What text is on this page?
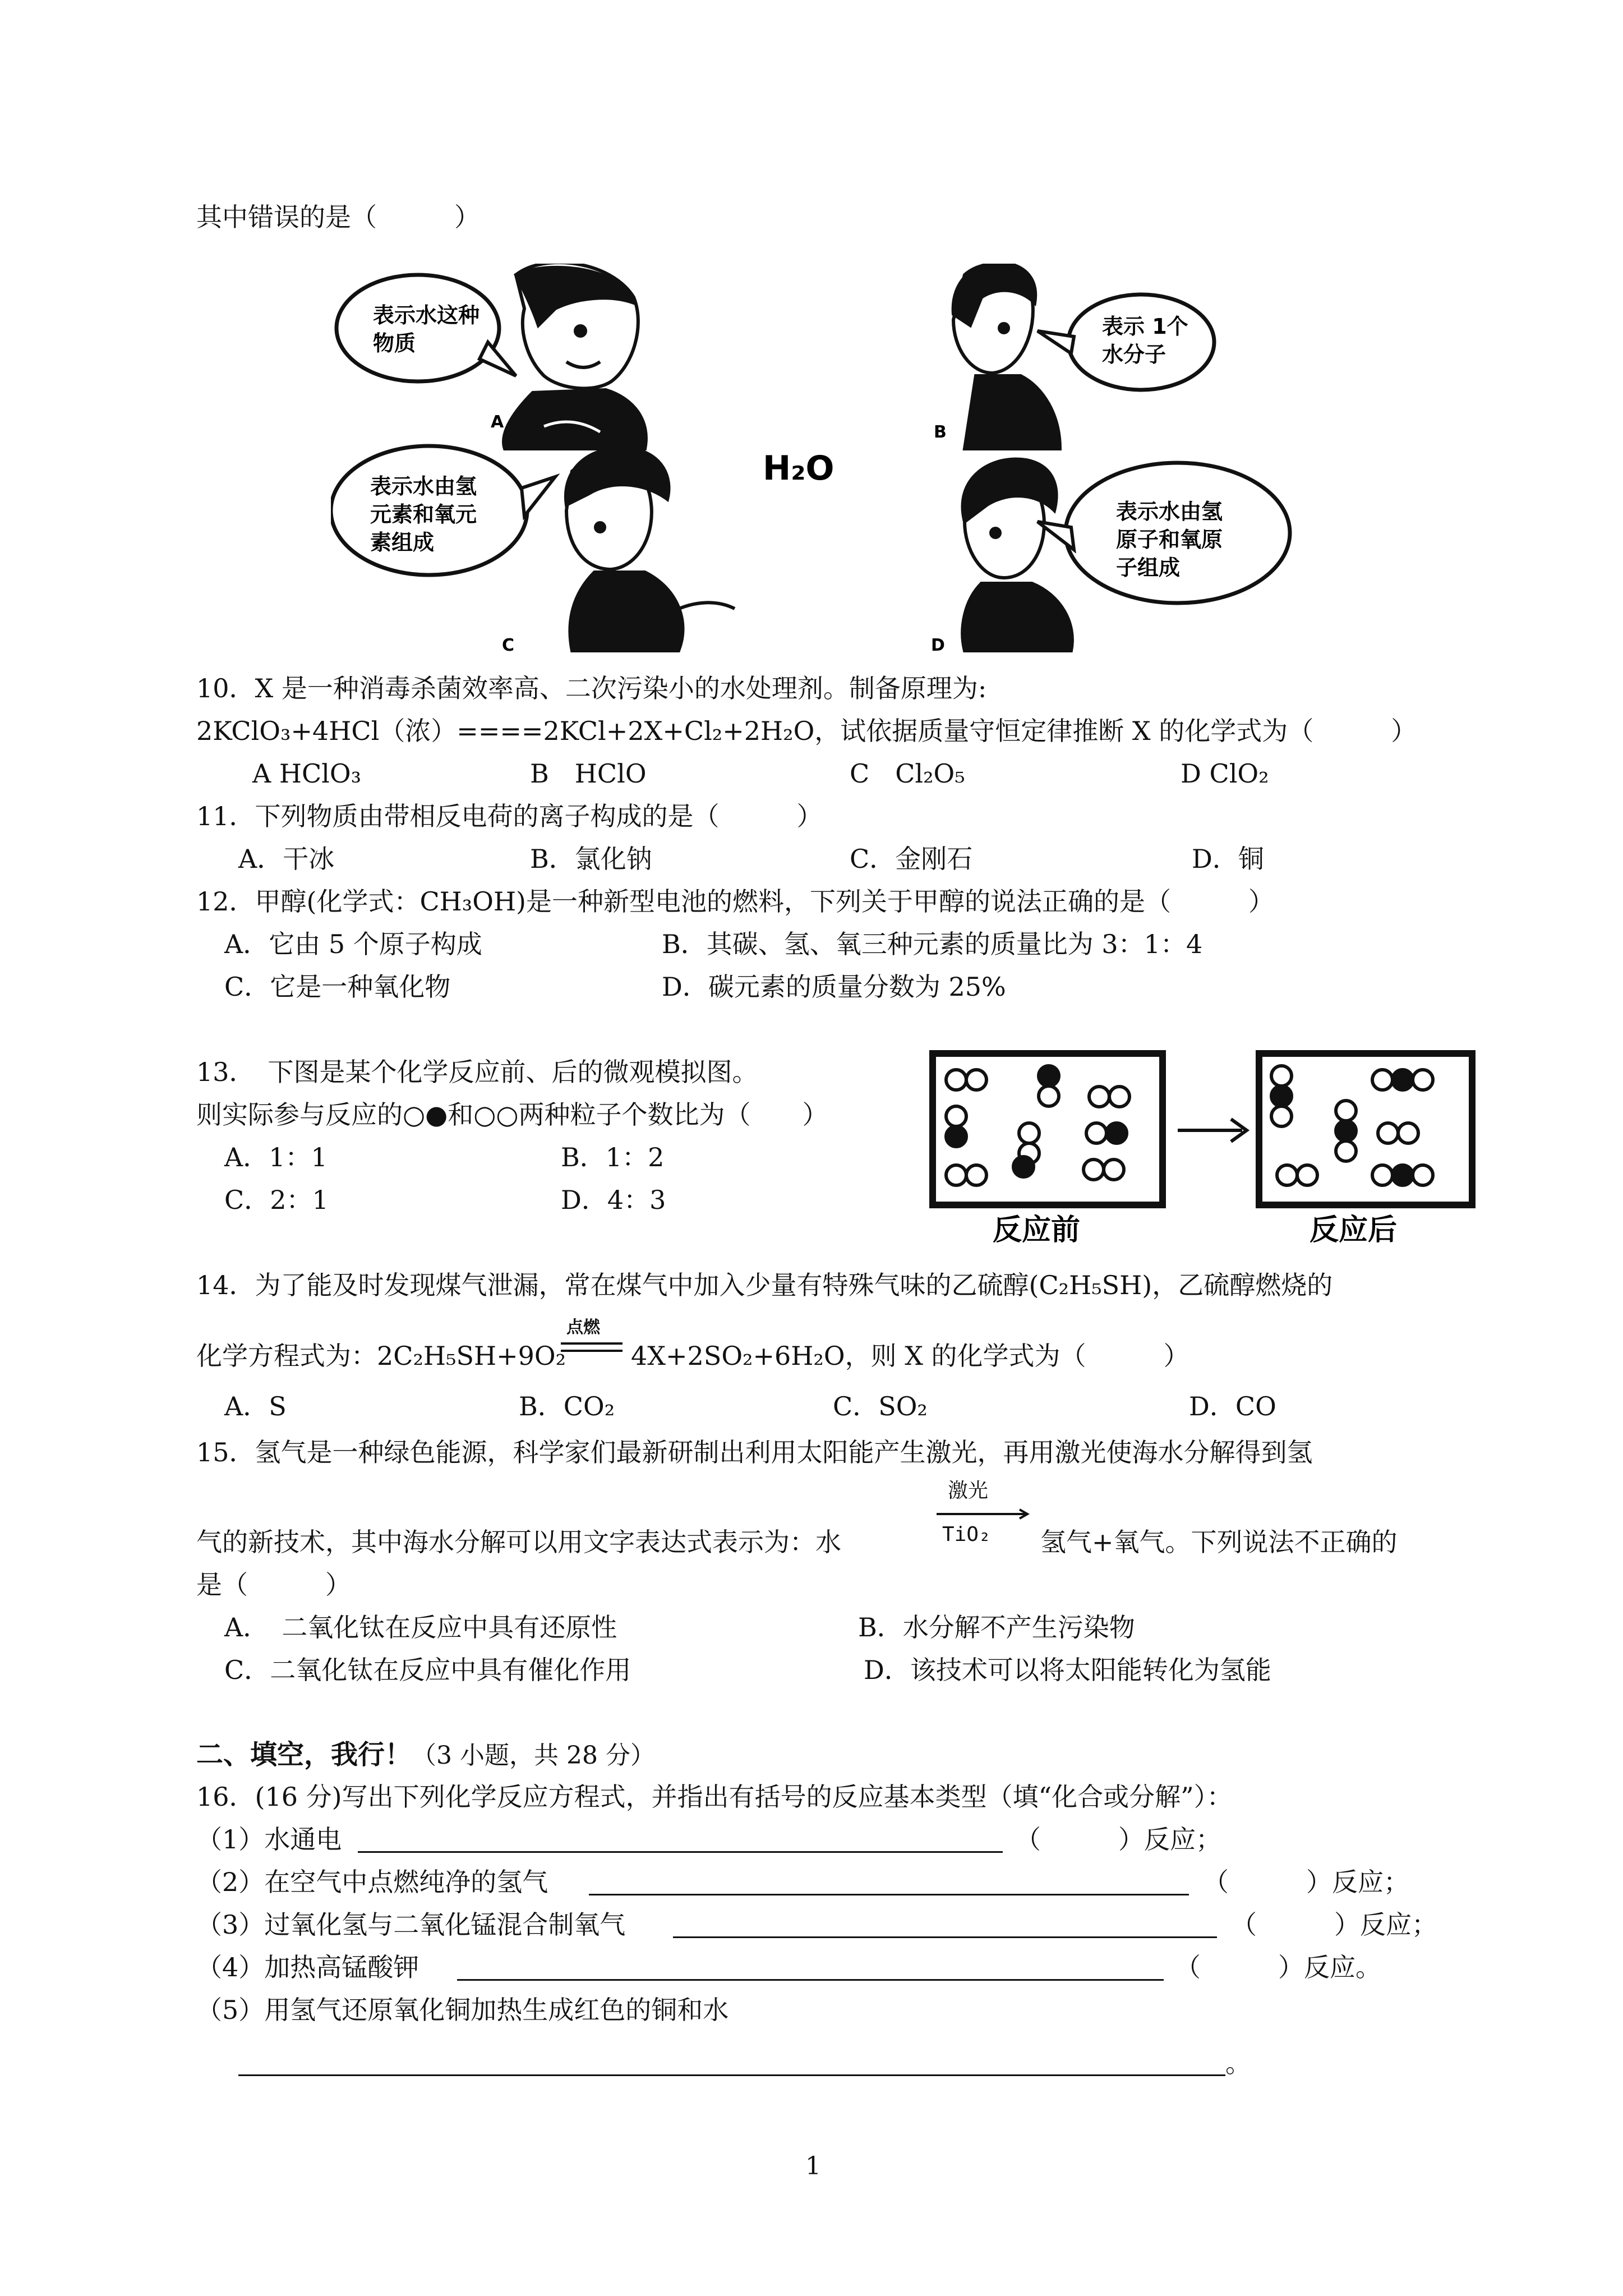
其中错误的是（　　　）
表示水这种
物质
A
B
表示 1个
水分子
H₂O
表示水由氢
元素和氧元
素组成
C	D
表示水由氢
原子和氧原
子组成
10．X 是一种消毒杀菌效率高、二次污染小的水处理剂。制备原理为:
2KClO₃+4HCl（浓）====2KCl+2X+Cl₂+2H₂O，试依据质量守恒定律推断 X 的化学式为（　　　）
A HClO₃	B　HClO	C　Cl₂O₅	D ClO₂
11．下列物质由带相反电荷的离子构成的是（　　　）
A．干冰	B．氯化钠	C．金刚石	D．铜
12．甲醇(化学式：CH₃OH)是一种新型电池的燃料，下列关于甲醇的说法正确的是（　　　）
A．它由 5 个原子构成	B．其碳、氢、氧三种元素的质量比为 3：1：4
C．它是一种氧化物	D．碳元素的质量分数为 25%
13．　下图是某个化学反应前、后的微观模拟图。
则实际参与反应的○●和○○两种粒子个数比为（　　）
A．1：1	B．1：2
C．2：1	D．4：3
反应前	反应后
14．为了能及时发现煤气泄漏，常在煤气中加入少量有特殊气味的乙硫醇(C₂H₅SH)，乙硫醇燃烧的
化学方程式为：2C₂H₅SH+9O₂
点燃
4X+2SO₂+6H₂O，则 X 的化学式为（　　　）
A．S	B．CO₂	C．SO₂	D．CO
15．氢气是一种绿色能源，科学家们最新研制出利用太阳能产生激光，再用激光使海水分解得到氢
气的新技术，其中海水分解可以用文字表达式表示为：水
激光
TiO₂ 氢气+氧气。下列说法不正确的
是（　　　）
A．　二氧化钛在反应中具有还原性	B．水分解不产生污染物
C．二氧化钛在反应中具有催化作用	D．该技术可以将太阳能转化为氢能
二、填空，我行！（3 小题，共 28 分）
16．(16 分)写出下列化学反应方程式，并指出有括号的反应基本类型（填“化合或分解”）：
（1）水通电	（　　　）反应；
（2）在空气中点燃纯净的氢气	（　　　）反应；
（3）过氧化氢与二氧化锰混合制氧气	（　　　）反应；
（4）加热高锰酸钾	（　　　）反应。
（5）用氢气还原氧化铜加热生成红色的铜和水
。
1
